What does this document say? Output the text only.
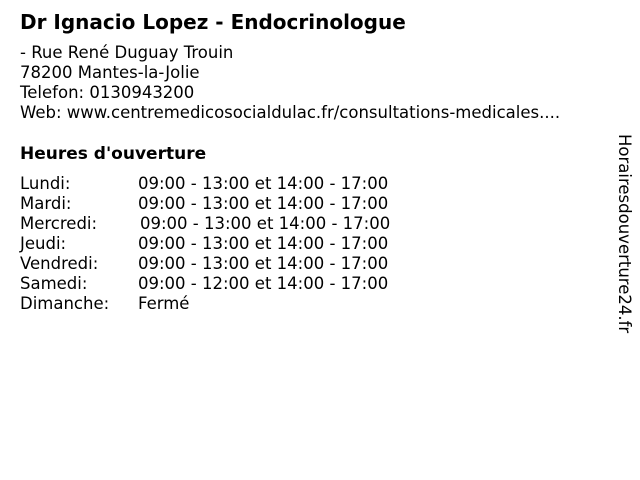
Dr Ignacio Lopez - Endocrinologue
- Rue René Duguay Trouin
78200 Mantes-la-Jolie
Telefon: 0130943200
Web: www.centremedicosocialdulac.fr/consultations-medicales....
Heures d'ouverture
Lundi:	09:00 - 13:00 et 14:00 - 17:00
Mardi:	09:00 - 13:00 et 14:00 - 17:00
Mercredi:	09:00 - 13:00 et 14:00 - 17:00
Jeudi:	09:00 - 13:00 et 14:00 - 17:00
Vendredi: 09:00 - 13:00 et 14:00 - 17:00
Samedi:	09:00 - 12:00 et 14:00 - 17:00
Dimanche: Fermé	Horairesdouverture24.fr
